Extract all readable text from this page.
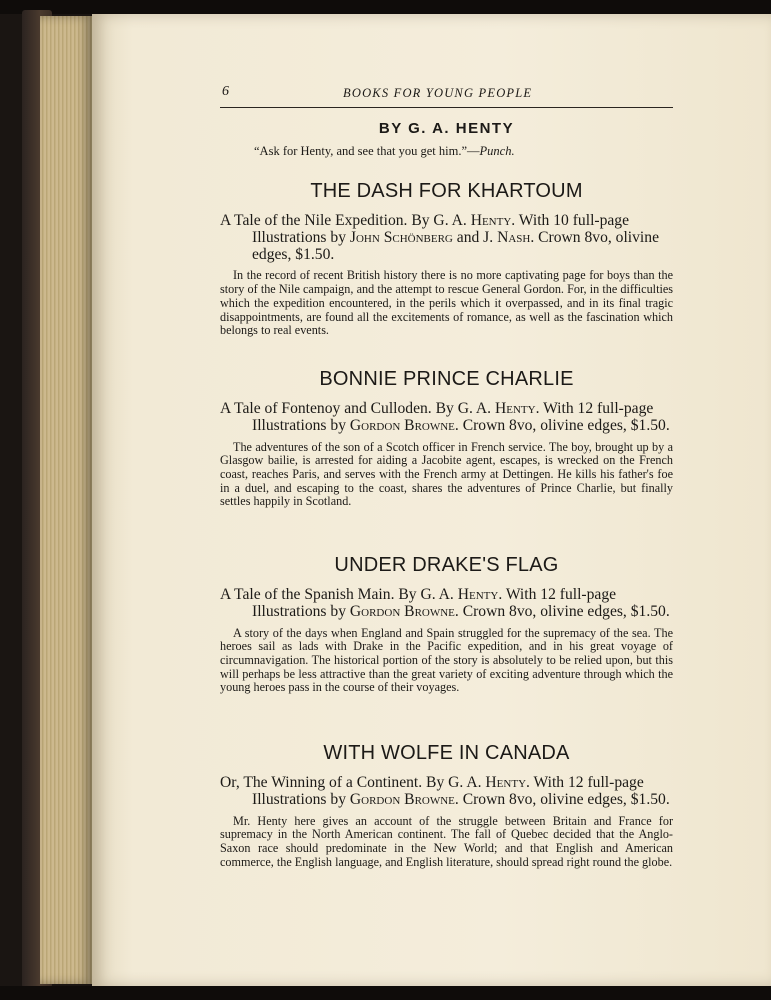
6	BOOKS FOR YOUNG PEOPLE
BY G. A. HENTY
“Ask for Henty, and see that you get him.”—Punch.
THE DASH FOR KHARTOUM
A Tale of the Nile Expedition. By G. A. Henty. With 10 full-page Illustrations by John Schönberg and J. Nash. Crown 8vo, olivine edges, $1.50.
In the record of recent British history there is no more captivating page for boys than the story of the Nile campaign, and the attempt to rescue General Gordon. For, in the difficulties which the expedition encountered, in the perils which it overpassed, and in its final tragic disappointments, are found all the excitements of romance, as well as the fascination which belongs to real events.
BONNIE PRINCE CHARLIE
A Tale of Fontenoy and Culloden. By G. A. Henty. With 12 full-page Illustrations by Gordon Browne. Crown 8vo, olivine edges, $1.50.
The adventures of the son of a Scotch officer in French service. The boy, brought up by a Glasgow bailie, is arrested for aiding a Jacobite agent, escapes, is wrecked on the French coast, reaches Paris, and serves with the French army at Dettingen. He kills his father's foe in a duel, and escaping to the coast, shares the adventures of Prince Charlie, but finally settles happily in Scotland.
UNDER DRAKE'S FLAG
A Tale of the Spanish Main. By G. A. Henty. With 12 full-page Illustrations by Gordon Browne. Crown 8vo, olivine edges, $1.50.
A story of the days when England and Spain struggled for the supremacy of the sea. The heroes sail as lads with Drake in the Pacific expedition, and in his great voyage of circumnavigation. The historical portion of the story is absolutely to be relied upon, but this will perhaps be less attractive than the great variety of exciting adventure through which the young heroes pass in the course of their voyages.
WITH WOLFE IN CANADA
Or, The Winning of a Continent. By G. A. Henty. With 12 full-page Illustrations by Gordon Browne. Crown 8vo, olivine edges, $1.50.
Mr. Henty here gives an account of the struggle between Britain and France for supremacy in the North American continent. The fall of Quebec decided that the Anglo-Saxon race should predominate in the New World; and that English and American commerce, the English language, and English literature, should spread right round the globe.
